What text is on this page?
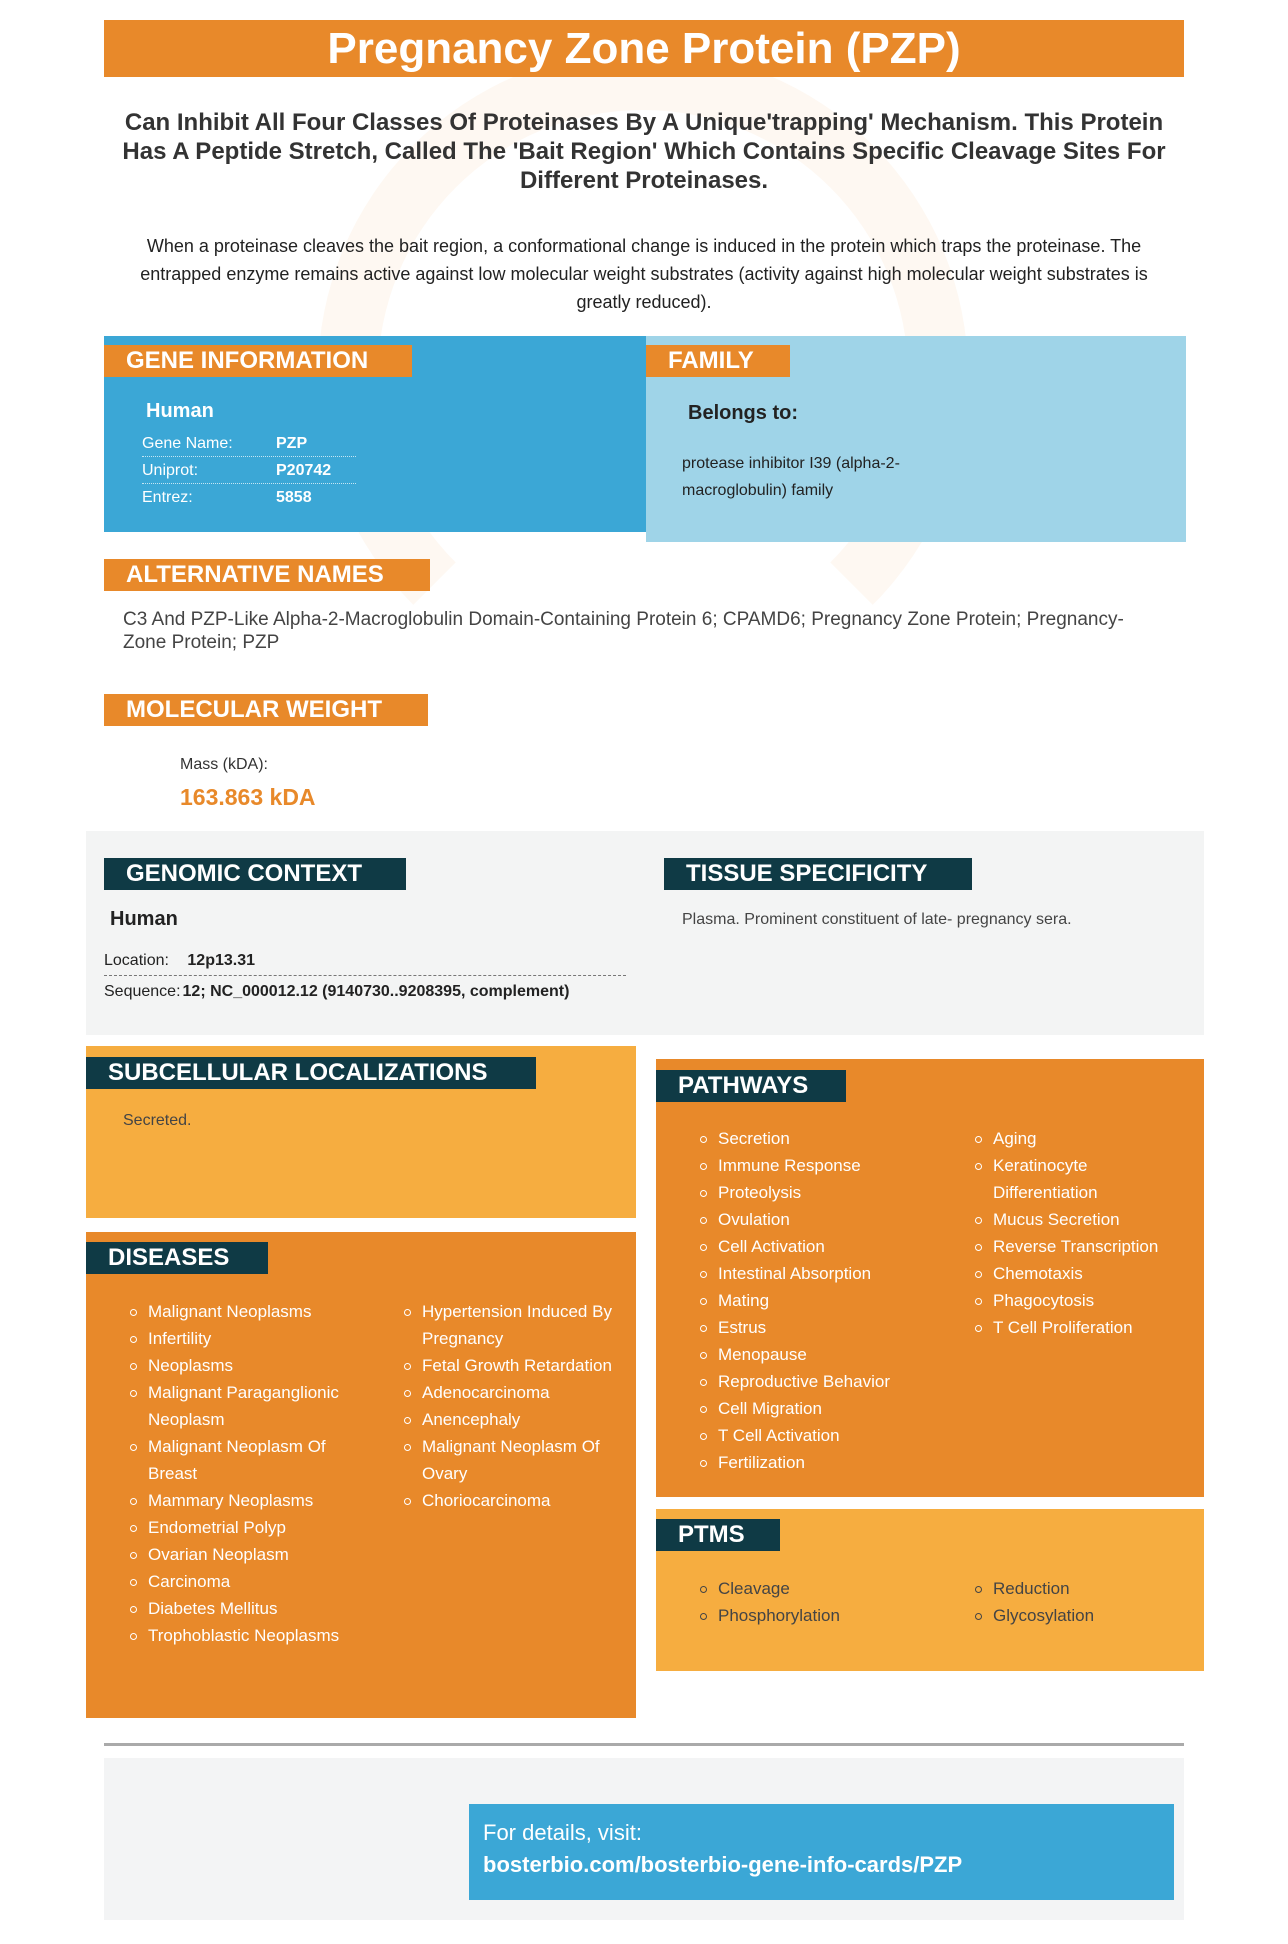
Pregnancy Zone Protein (PZP)
Can Inhibit All Four Classes Of Proteinases By A Unique'trapping' Mechanism. This Protein Has A Peptide Stretch, Called The 'Bait Region' Which Contains Specific Cleavage Sites For Different Proteinases.
When a proteinase cleaves the bait region, a conformational change is induced in the protein which traps the proteinase. The entrapped enzyme remains active against low molecular weight substrates (activity against high molecular weight substrates is greatly reduced).
GENE INFORMATION
Human
Gene Name:	PZP
Uniprot:	P20742
Entrez:	5858
FAMILY
Belongs to:
protease inhibitor I39 (alpha-2-macroglobulin) family
ALTERNATIVE NAMES
C3 And PZP-Like Alpha-2-Macroglobulin Domain-Containing Protein 6; CPAMD6; Pregnancy Zone Protein; Pregnancy-Zone Protein; PZP
MOLECULAR WEIGHT
Mass (kDA):
163.863 kDA
GENOMIC CONTEXT
Human
Location: 12p13.31
Sequence: 12; NC_000012.12 (9140730..9208395, complement)
TISSUE SPECIFICITY
Plasma. Prominent constituent of late- pregnancy sera.
SUBCELLULAR LOCALIZATIONS
Secreted.
DISEASES
Malignant Neoplasms
Infertility
Neoplasms
Malignant Paraganglionic Neoplasm
Malignant Neoplasm Of Breast
Mammary Neoplasms
Endometrial Polyp
Ovarian Neoplasm
Carcinoma
Diabetes Mellitus
Trophoblastic Neoplasms
Hypertension Induced By Pregnancy
Fetal Growth Retardation
Adenocarcinoma
Anencephaly
Malignant Neoplasm Of Ovary
Choriocarcinoma
PATHWAYS
Secretion
Immune Response
Proteolysis
Ovulation
Cell Activation
Intestinal Absorption
Mating
Estrus
Menopause
Reproductive Behavior
Cell Migration
T Cell Activation
Fertilization
Aging
Keratinocyte Differentiation
Mucus Secretion
Reverse Transcription
Chemotaxis
Phagocytosis
T Cell Proliferation
PTMS
Cleavage
Phosphorylation
Reduction
Glycosylation
For details, visit:
bosterbio.com/bosterbio-gene-info-cards/PZP
